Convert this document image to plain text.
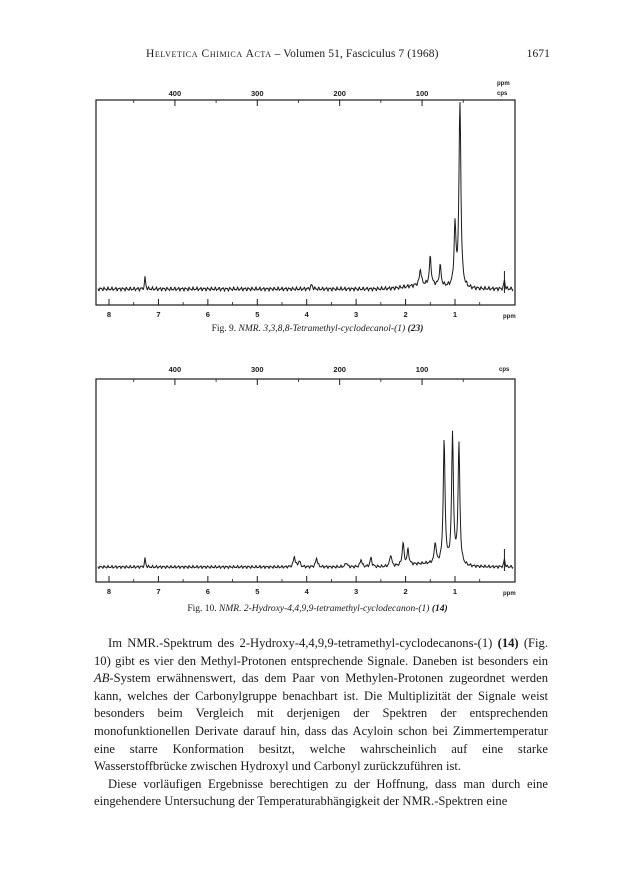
Helvetica Chimica Acta – Volumen 51, Fasciculus 7 (1968)	1671
ppm
cps
8	7	6	5	4	3	2	1	ppm
400	300	200	100
Fig. 9. NMR. 3,3,8,8-Tetramethyl-cyclodecanol-(1) (23)
cps
8	7	6	5	4	3	2	1	ppm
400	300	200	100
Fig. 10. NMR. 2-Hydroxy-4,4,9,9-tetramethyl-cyclodecanon-(1) (14)

Im NMR.-Spektrum des 2-Hydroxy-4,4,9,9-tetramethyl-cyclodecanons-(1) (14) (Fig. 10) gibt es vier den Methyl-Protonen entsprechende Signale. Daneben ist besonders ein AB-System erwähnenswert, das dem Paar von Methylen-Protonen zugeordnet werden kann, welches der Carbonylgruppe benachbart ist. Die Multiplizität der Signale weist besonders beim Vergleich mit derjenigen der Spektren der entsprechenden monofunktionellen Derivate darauf hin, dass das Acyloin schon bei Zimmertemperatur eine starre Konformation besitzt, welche wahrscheinlich auf eine starke Wasserstoffbrücke zwischen Hydroxyl und Carbonyl zurückzuführen ist.

Diese vorläufigen Ergebnisse berechtigen zu der Hoffnung, dass man durch eine eingehendere Untersuchung der Temperaturabhängigkeit der NMR.-Spektren eine
